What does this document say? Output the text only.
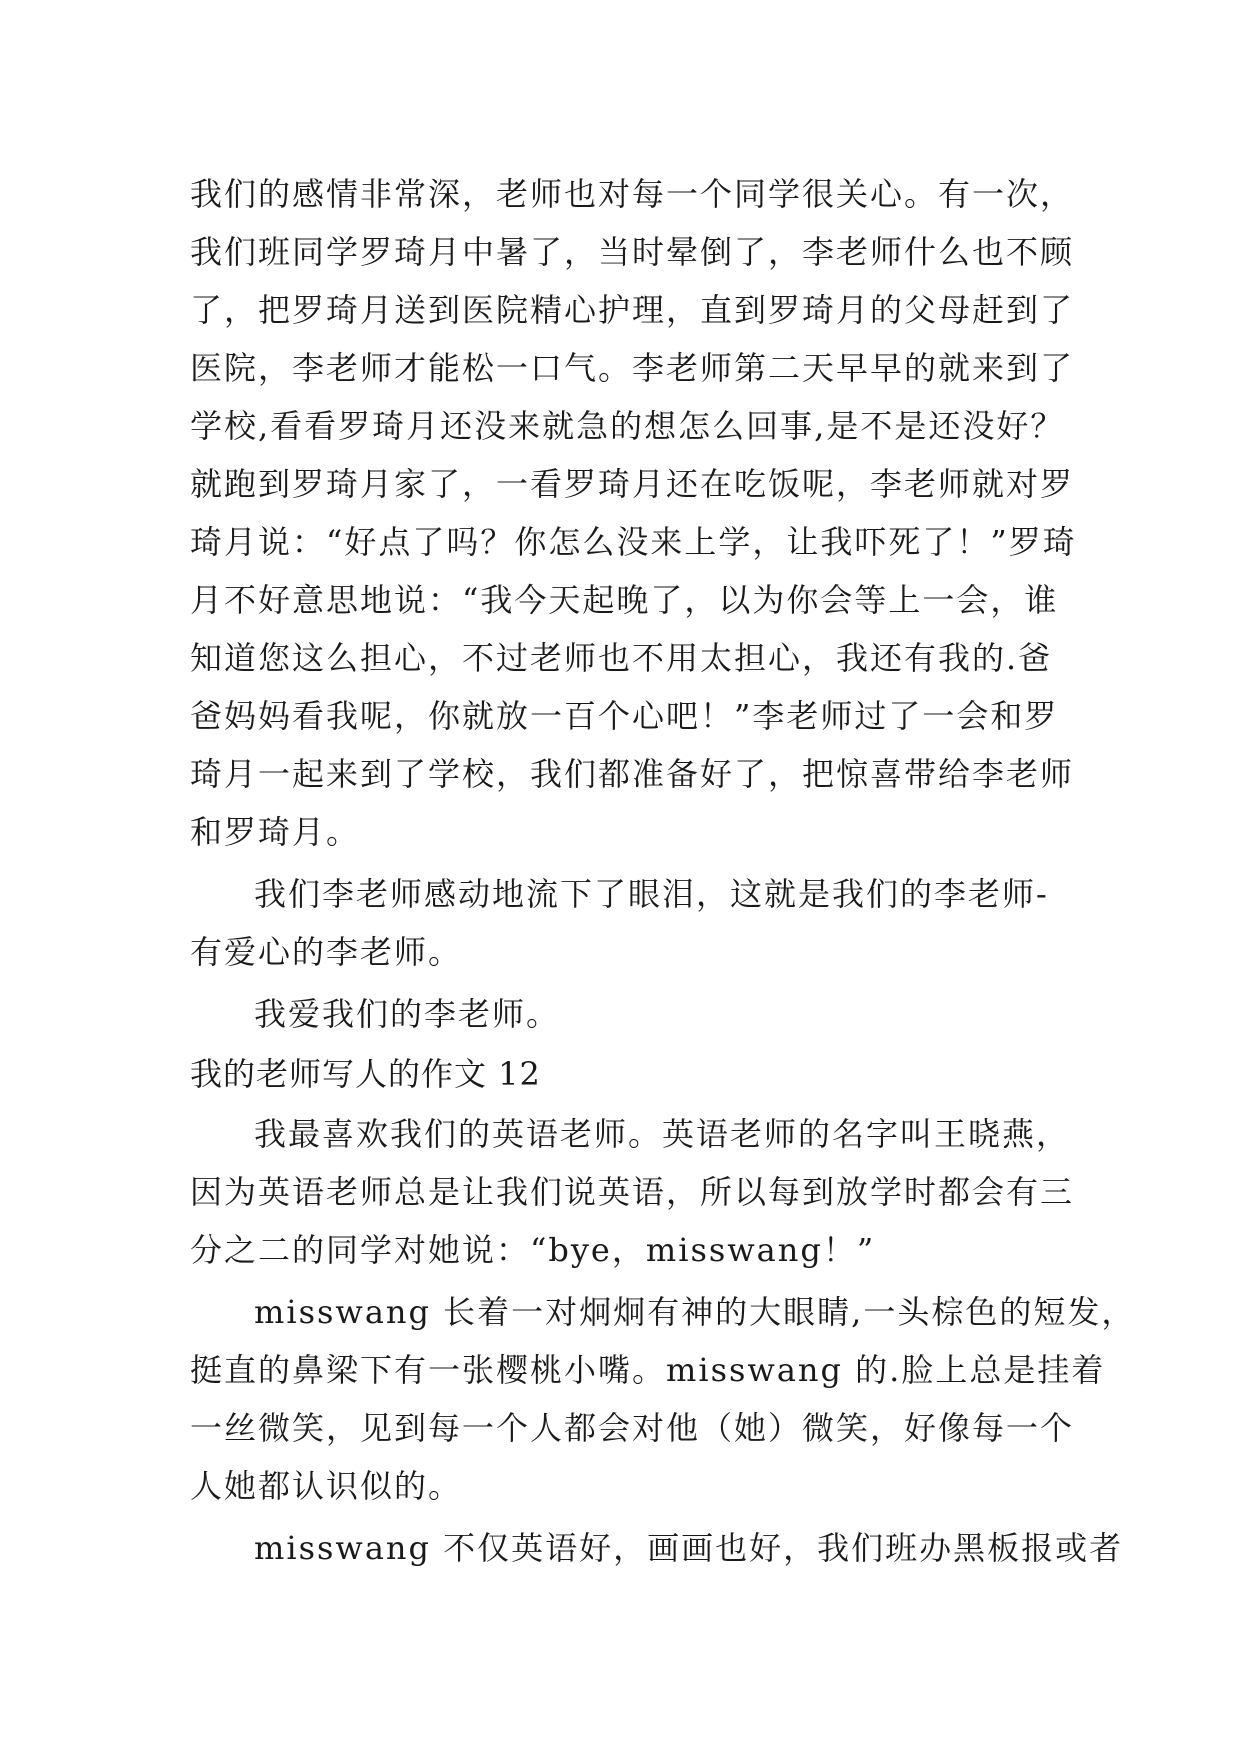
我们的感情非常深，老师也对每一个同学很关心。有一次，
我们班同学罗琦月中暑了，当时晕倒了，李老师什么也不顾
了，把罗琦月送到医院精心护理，直到罗琦月的父母赶到了
医院，李老师才能松一口气。李老师第二天早早的就来到了
学校,看看罗琦月还没来就急的想怎么回事,是不是还没好？
就跑到罗琦月家了，一看罗琦月还在吃饭呢，李老师就对罗
琦月说：“好点了吗？你怎么没来上学，让我吓死了！”罗琦
月不好意思地说：“我今天起晚了，以为你会等上一会，谁
知道您这么担心，不过老师也不用太担心，我还有我的.爸
爸妈妈看我呢，你就放一百个心吧！”李老师过了一会和罗
琦月一起来到了学校，我们都准备好了，把惊喜带给李老师
和罗琦月。
我们李老师感动地流下了眼泪，这就是我们的李老师-
有爱心的李老师。
我爱我们的李老师。
我的老师写人的作文 12
我最喜欢我们的英语老师。英语老师的名字叫王晓燕，
因为英语老师总是让我们说英语，所以每到放学时都会有三
分之二的同学对她说：“bye，misswang！”
misswang 长着一对炯炯有神的大眼睛,一头棕色的短发，
挺直的鼻梁下有一张樱桃小嘴。misswang 的.脸上总是挂着
一丝微笑，见到每一个人都会对他（她）微笑，好像每一个
人她都认识似的。
misswang 不仅英语好，画画也好，我们班办黑板报或者
